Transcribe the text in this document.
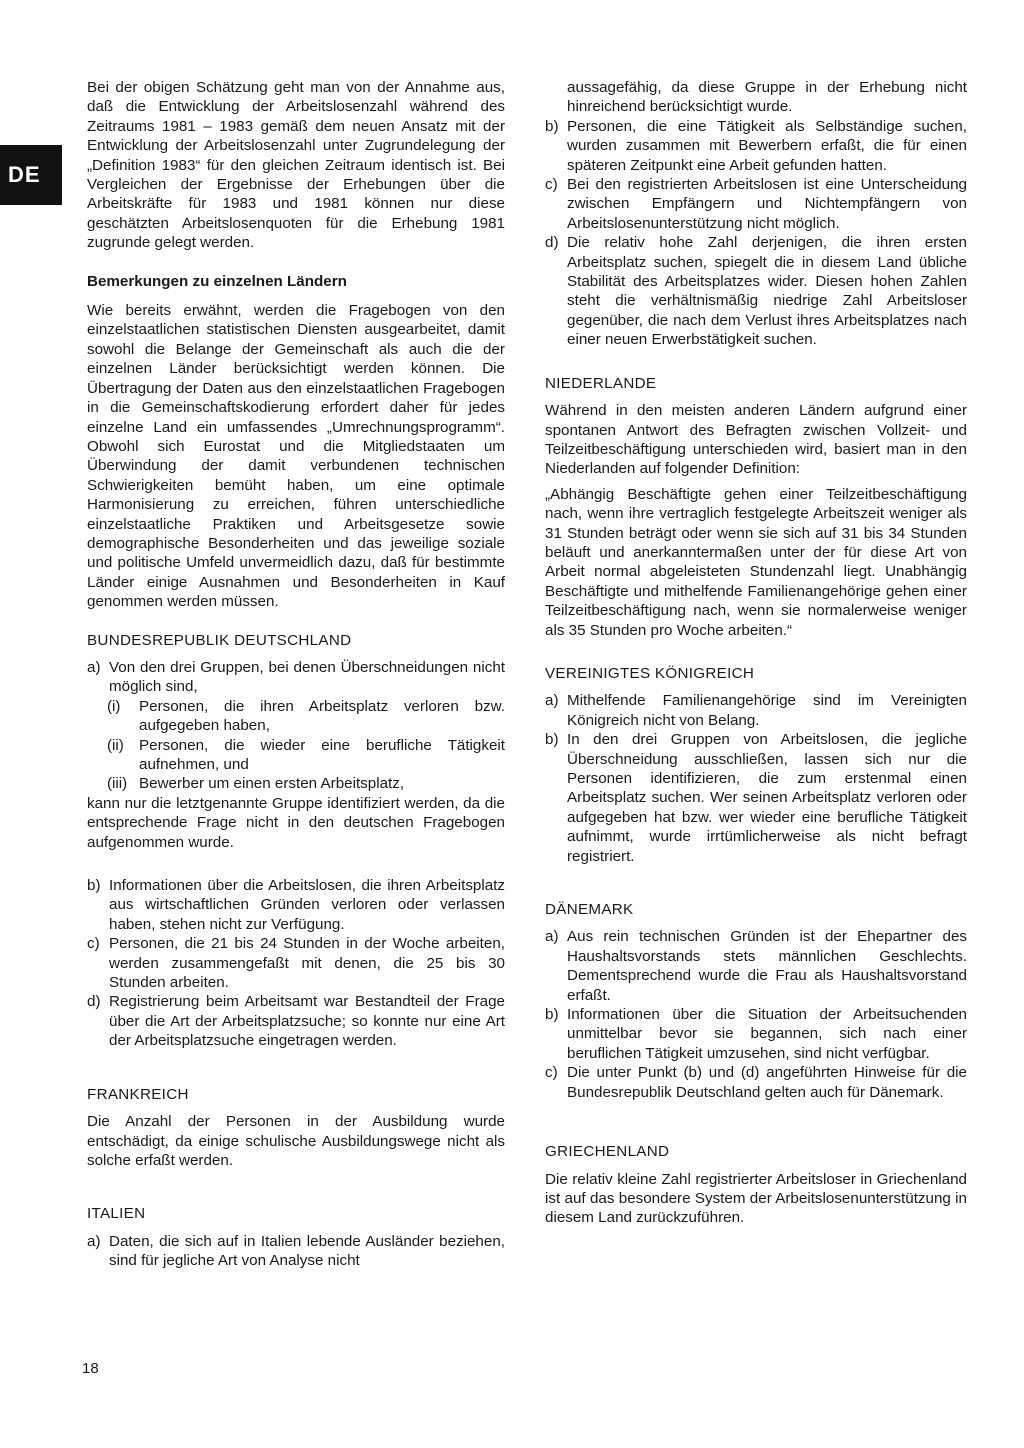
DE

Bei der obigen Schätzung geht man von der Annahme aus, daß die Entwicklung der Arbeitslosenzahl während des Zeitraums 1981 – 1983 gemäß dem neuen Ansatz mit der Entwicklung der Arbeitslosenzahl unter Zugrundelegung der „Definition 1983“ für den gleichen Zeitraum identisch ist. Bei Vergleichen der Ergebnisse der Erhebungen über die Arbeitskräfte für 1983 und 1981 können nur diese geschätzten Arbeitslosenquoten für die Erhebung 1981 zugrunde gelegt werden.

Bemerkungen zu einzelnen Ländern

Wie bereits erwähnt, werden die Fragebogen von den einzelstaatlichen statistischen Diensten ausgearbeitet, damit sowohl die Belange der Gemeinschaft als auch die der einzelnen Länder berücksichtigt werden können. Die Übertragung der Daten aus den einzelstaatlichen Fragebogen in die Gemeinschaftskodierung erfordert daher für jedes einzelne Land ein umfassendes „Umrechnungsprogramm“. Obwohl sich Eurostat und die Mitgliedstaaten um Überwindung der damit verbundenen technischen Schwierigkeiten bemüht haben, um eine optimale Harmonisierung zu erreichen, führen unterschiedliche einzelstaatliche Praktiken und Arbeitsgesetze sowie demographische Besonderheiten und das jeweilige soziale und politische Umfeld unvermeidlich dazu, daß für bestimmte Länder einige Ausnahmen und Besonderheiten in Kauf genommen werden müssen.

BUNDESREPUBLIK DEUTSCHLAND

a) Von den drei Gruppen, bei denen Überschneidungen nicht möglich sind,
(i)	Personen, die ihren Arbeitsplatz verloren bzw. aufgegeben haben,
(ii) Personen, die wieder eine berufliche Tätigkeit aufnehmen, und
(iii) Bewerber um einen ersten Arbeitsplatz,

kann nur die letztgenannte Gruppe identifiziert werden, da die entsprechende Frage nicht in den deutschen Fragebogen aufgenommen wurde.

b) Informationen über die Arbeitslosen, die ihren Arbeitsplatz aus wirtschaftlichen Gründen verloren oder verlassen haben, stehen nicht zur Verfügung.
c) Personen, die 21 bis 24 Stunden in der Woche arbeiten, werden zusammengefaßt mit denen, die 25 bis 30 Stunden arbeiten.
d) Registrierung beim Arbeitsamt war Bestandteil der Frage über die Art der Arbeitsplatzsuche; so konnte nur eine Art der Arbeitsplatzsuche eingetragen werden.

FRANKREICH

Die Anzahl der Personen in der Ausbildung wurde entschädigt, da einige schulische Ausbildungswege nicht als solche erfaßt werden.

ITALIEN

a) Daten, die sich auf in Italien lebende Ausländer beziehen, sind für jegliche Art von Analyse nicht

aussagefähig, da diese Gruppe in der Erhebung nicht hinreichend berücksichtigt wurde.

b) Personen, die eine Tätigkeit als Selbständige suchen, wurden zusammen mit Bewerbern erfaßt, die für einen späteren Zeitpunkt eine Arbeit gefunden hatten.
c) Bei den registrierten Arbeitslosen ist eine Unterscheidung zwischen Empfängern und Nichtempfängern von Arbeitslosenunterstützung nicht möglich.
d) Die relativ hohe Zahl derjenigen, die ihren ersten Arbeitsplatz suchen, spiegelt die in diesem Land übliche Stabilität des Arbeitsplatzes wider. Diesen hohen Zahlen steht die verhältnismäßig niedrige Zahl Arbeitsloser gegenüber, die nach dem Verlust ihres Arbeitsplatzes nach einer neuen Erwerbstätigkeit suchen.

NIEDERLANDE

Während in den meisten anderen Ländern aufgrund einer spontanen Antwort des Befragten zwischen Vollzeit- und Teilzeitbeschäftigung unterschieden wird, basiert man in den Niederlanden auf folgender Definition:

„Abhängig Beschäftigte gehen einer Teilzeitbeschäftigung nach, wenn ihre vertraglich festgelegte Arbeitszeit weniger als 31 Stunden beträgt oder wenn sie sich auf 31 bis 34 Stunden beläuft und anerkanntermaßen unter der für diese Art von Arbeit normal abgeleisteten Stundenzahl liegt. Unabhängig Beschäftigte und mithelfende Familienangehörige gehen einer Teilzeitbeschäftigung nach, wenn sie normalerweise weniger als 35 Stunden pro Woche arbeiten.“

VEREINIGTES KÖNIGREICH

a) Mithelfende Familienangehörige sind im Vereinigten Königreich nicht von Belang.
b) In den drei Gruppen von Arbeitslosen, die jegliche Überschneidung ausschließen, lassen sich nur die Personen identifizieren, die zum erstenmal einen Arbeitsplatz suchen. Wer seinen Arbeitsplatz verloren oder aufgegeben hat bzw. wer wieder eine berufliche Tätigkeit aufnimmt, wurde irrtümlicherweise als nicht befragt registriert.

DÄNEMARK

a) Aus rein technischen Gründen ist der Ehepartner des Haushaltsvorstands stets männlichen Geschlechts. Dementsprechend wurde die Frau als Haushaltsvorstand erfaßt.
b) Informationen über die Situation der Arbeitsuchenden unmittelbar bevor sie begannen, sich nach einer beruflichen Tätigkeit umzusehen, sind nicht verfügbar.
c) Die unter Punkt (b) und (d) angeführten Hinweise für die Bundesrepublik Deutschland gelten auch für Dänemark.

GRIECHENLAND

Die relativ kleine Zahl registrierter Arbeitsloser in Griechenland ist auf das besondere System der Arbeitslosenunterstützung in diesem Land zurückzuführen.

18
